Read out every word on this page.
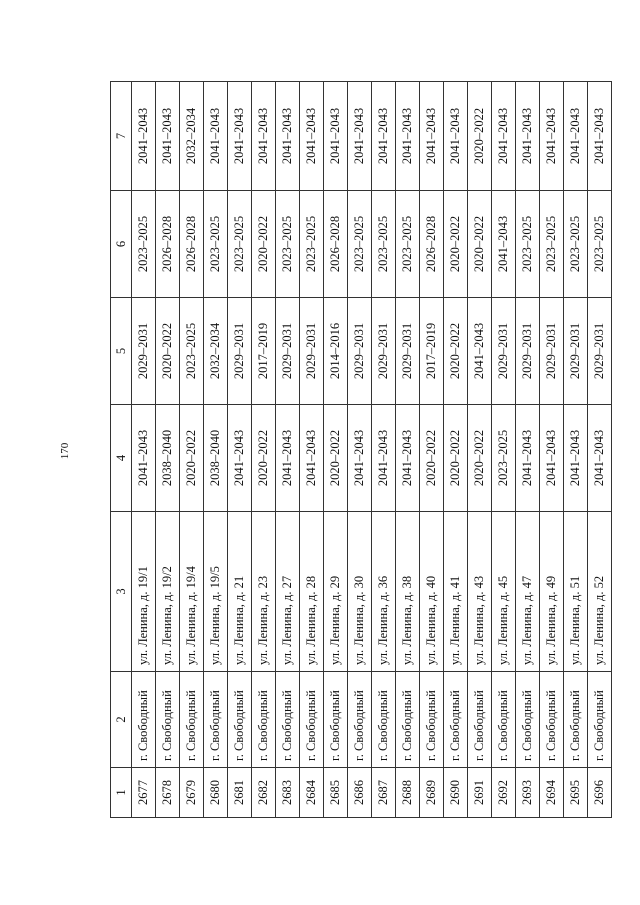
170
1	2	3	4	5	6	7
2677	г. Свободный	ул. Ленина, д. 19/1	2041–2043	2029–2031	2023–2025	2041–2043
2678	г. Свободный	ул. Ленина, д. 19/2	2038–2040	2020–2022	2026–2028	2041–2043
2679	г. Свободный	ул. Ленина, д. 19/4	2020–2022	2023–2025	2026–2028	2032–2034
2680	г. Свободный	ул. Ленина, д. 19/5	2038–2040	2032–2034	2023–2025	2041–2043
2681	г. Свободный	ул. Ленина, д. 21	2041–2043	2029–2031	2023–2025	2041–2043
2682	г. Свободный	ул. Ленина, д. 23	2020–2022	2017–2019	2020–2022	2041–2043
2683	г. Свободный	ул. Ленина, д. 27	2041–2043	2029–2031	2023–2025	2041–2043
2684	г. Свободный	ул. Ленина, д. 28	2041–2043	2029–2031	2023–2025	2041–2043
2685	г. Свободный	ул. Ленина, д. 29	2020–2022	2014–2016	2026–2028	2041–2043
2686	г. Свободный	ул. Ленина, д. 30	2041–2043	2029–2031	2023–2025	2041–2043
2687	г. Свободный	ул. Ленина, д. 36	2041–2043	2029–2031	2023–2025	2041–2043
2688	г. Свободный	ул. Ленина, д. 38	2041–2043	2029–2031	2023–2025	2041–2043
2689	г. Свободный	ул. Ленина, д. 40	2020–2022	2017–2019	2026–2028	2041–2043
2690	г. Свободный	ул. Ленина, д. 41	2020–2022	2020–2022	2020–2022	2041–2043
2691	г. Свободный	ул. Ленина, д. 43	2020–2022	2041–2043	2020–2022	2020–2022
2692	г. Свободный	ул. Ленина, д. 45	2023–2025	2029–2031	2041–2043	2041–2043
2693	г. Свободный	ул. Ленина, д. 47	2041–2043	2029–2031	2023–2025	2041–2043
2694	г. Свободный	ул. Ленина, д. 49	2041–2043	2029–2031	2023–2025	2041–2043
2695	г. Свободный	ул. Ленина, д. 51	2041–2043	2029–2031	2023–2025	2041–2043
2696	г. Свободный	ул. Ленина, д. 52	2041–2043	2029–2031	2023–2025	2041–2043
